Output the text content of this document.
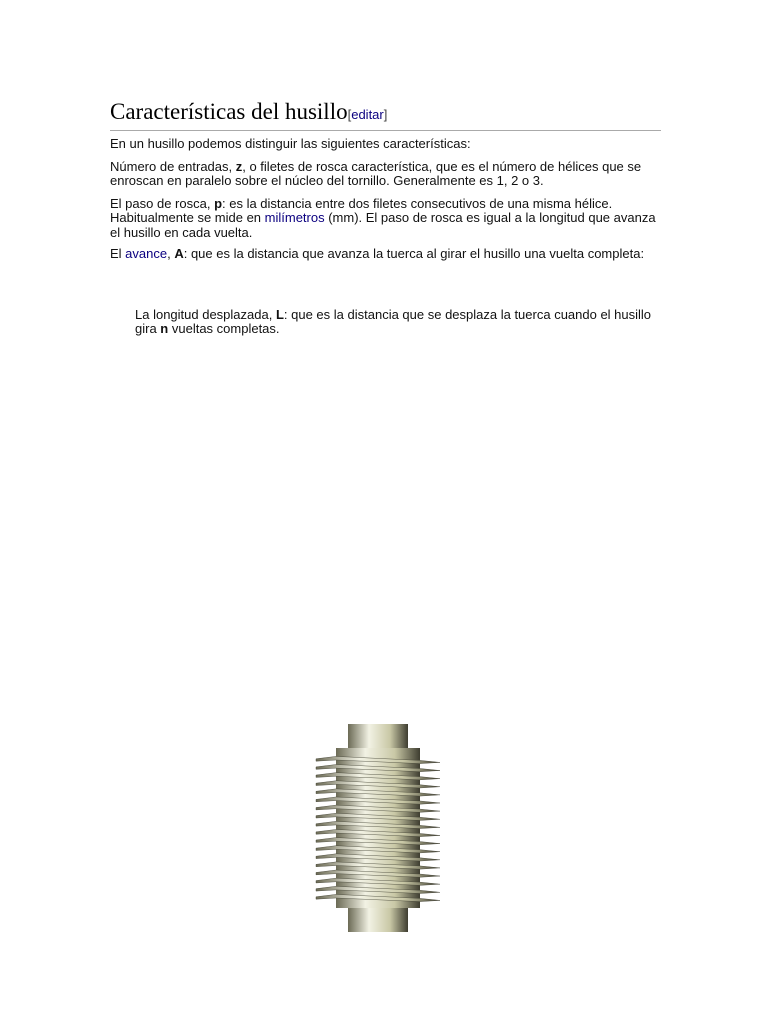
Características del husillo[editar]

En un husillo podemos distinguir las siguientes características:

Número de entradas, z, o filetes de rosca característica, que es el número de hélices que se enroscan en paralelo sobre el núcleo del tornillo. Generalmente es 1, 2 o 3.

El paso de rosca, p: es la distancia entre dos filetes consecutivos de una misma hélice. Habitualmente se mide en milímetros (mm). El paso de rosca es igual a la longitud que avanza el husillo en cada vuelta.

El avance, A: que es la distancia que avanza la tuerca al girar el husillo una vuelta completa:

La longitud desplazada, L: que es la distancia que se desplaza la tuerca cuando el husillo gira n vueltas completas.
